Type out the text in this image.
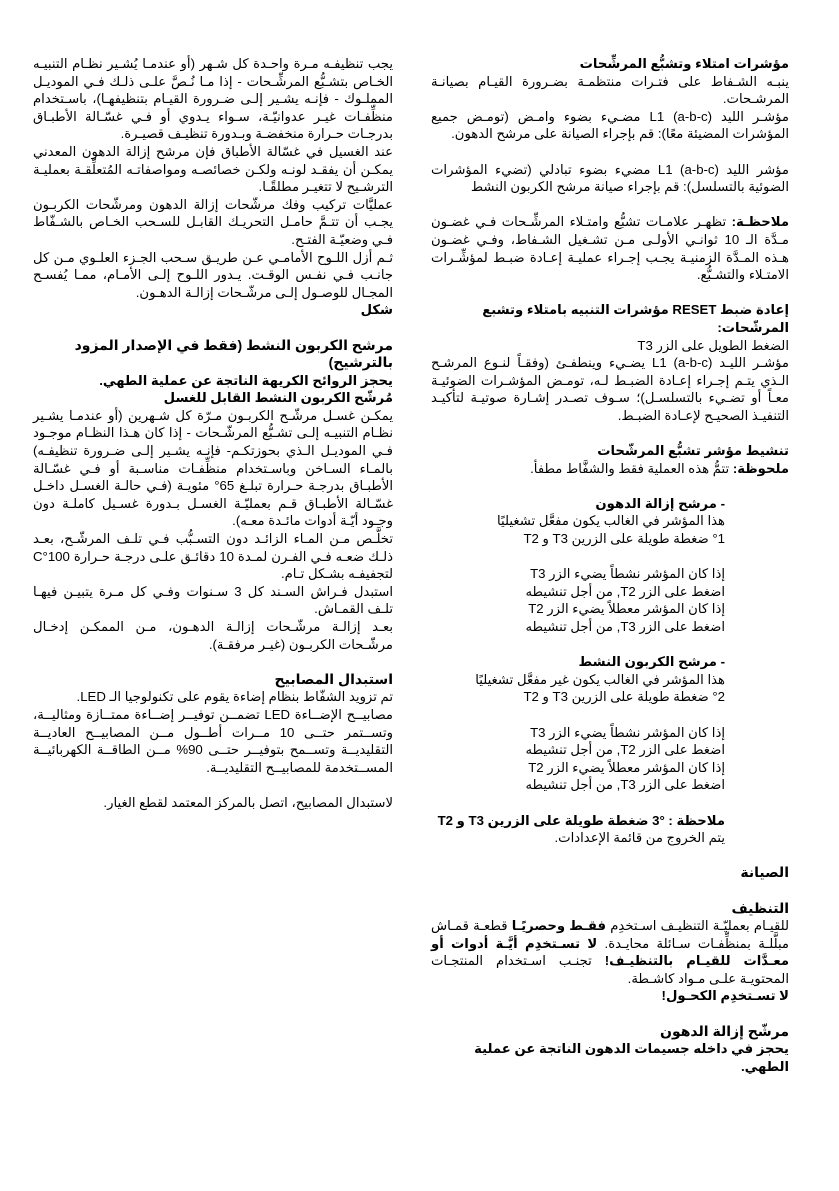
مؤشرات امتلاء وتشبُّع المرشِّحات

ينبـه الشـفاط على فتـرات منتظمـة بضـرورة القيـام بصيانـة المرشـحات.

مؤشـر الليد (a-b-c) L1 مضـيء بضوء وامـض (تومـض جميع المؤشرات المضيئة معًا): قم بإجراء الصيانة على مرشح الدهون.

مؤشر الليد (a-b-c) L1 مضيء بضوء تبادلي (تضيء المؤشرات الضوئية بالتسلسل): قم بإجراء صيانة مرشح الكربون النشط

ملاحظـة: تظهـر علامـات تشبُّع وامتـلاء المرشِّـحات فـي غضـون مـدَّة الـ 10 ثوانـي الأولـى مـن تشـغيل الشـفاط، وفـي غضـون هـذه المـدَّة الزمنيـة يجـب إجـراء عمليـة إعـادة ضبـط لمؤشِّـرات الامتـلاء والتشـبُّع.

إعادة ضبط RESET مؤشرات التنبيه بامتلاء وتشبع المرشّحات:

الضغط الطويل على الزر T3

مؤشـر الليـد (a-b-c) L1 يضـيء وينطفـئ (وفقـاً لنـوع المرشـح الـذي يتـم إجـراء إعـادة الضبـط لـه، تومـض المؤشـرات الضوئيـة معـاً أو تضـيء بالتسلسـل)؛ سـوف تصـدر إشـارة صوتيـة لتأكيـد التنفيـذ الصحيـح لإعـادة الضبـط.

تنشيط مؤشر تشبُّع المرشّحات

ملحوظة: تتمُّ هذه العملية فقط والشفَّاط مطفأ.

- مرشح إزالة الدهون

هذا المؤشر في الغالب يكون مفعَّل تشغيليًا

°1 ضغطة طويلة على الزرين T3 و T2

إذا كان المؤشر نشطاً يضيء الزر T3

اضغط على الزر T2, من أجل تنشيطه

إذا كان المؤشر معطلاً يضيء الزر T2

اضغط على الزر T3, من أجل تنشيطه

- مرشح الكربون النشط

هذا المؤشر في الغالب يكون غير مفعَّل تشغيليًا

°2 ضغطة طويلة على الزرين T3 و T2

إذا كان المؤشر نشطاً يضيء الزر T3

اضغط على الزر T2, من أجل تنشيطه

إذا كان المؤشر معطلاً يضيء الزر T2

اضغط على الزر T3, من أجل تنشيطه

ملاحظة : °3 ضغطة طويلة على الزرين T3 و T2

يتم الخروج من قائمة الإعدادات.

الصيانة

التنظيف

للقيـام بعمليّـة التنظيـف اسـتخدِم فقـط وحصريًـا قطعـة قمـاش مبلَّلـة بمنظِّفـات سـائلة محايـدة. لا تسـتخدِم أيَّـة أدوات أو معـدَّات للقيـام بالتنظيـف! تجنـب اسـتخدام المنتجـات المحتويـة علـى مـواد كاشـطة.

لا تسـتخدِم الكحـول!

مرشّح إزالة الدهون

يحجز في داخله جسيمات الدهون الناتجة عن عملية الطهي.

يجب تنظيفـه مـرة واحـدة كل شـهر (أو عندمـا يُشـير نظـام التنبيـه الخـاص بتشـبُّع المرشِّـحات - إذا مـا نُـصَّ علـى ذلـك فـي الموديـل المملـوك - فإنـه يشـير إلـى ضـرورة القيـام بتنظيفهـا)، باسـتخدام منظِّفـات غيـر عدوانيّـة، سـواء يـدوي أو فـي غسّـالة الأطبـاق بدرجـات حـرارة منخفضـة وبـدورة تنظيـف قصيـرة.

عند الغسيل في غسّالة الأطباق فإن مرشح إزالة الدهون المعدني يمكـن أن يفقـد لونـه ولكـن خصائصـه ومواصفاتـه المُتعلِّقـة بعمليـة الترشـيح لا تتغيـر مطلقًـا.

عمليَّات تركيب وفك مرشّحات إزالة الدهون ومرشّحات الكربـون يجـب أن تتـمَّ حامـل التحريـك القابـل للسـحب الخـاص بالشـفّاط فـي وضعيّـة الفتـح.

ثـم أزل اللـوح الأمامـي عـن طريـق سـحب الجـزء العلـوي مـن كل جانـب فـي نفـس الوقـت. يـدور اللـوح إلـى الأمـام، ممـا يُفسـح المجـال للوصـول إلـى مرشّـحات إزالـة الدهـون.

شكل

مرشح الكربون النشط (فقط في الإصدار المزود بالترشيح)

يحجز الروائح الكريهة الناتجة عن عملية الطهي.

مُرشّح الكربون النشط القابل للغسل

يمكـن غسـل مرشّـح الكربـون مـرّة كل شـهرين (أو عندمـا يشـير نظـام التنبيـه إلـى تشـبُّع المرشّـحات - إذا كان هـذا النظـام موجـود فـي الموديـل الـذي بحوزتكـم- فإنـه يشـير إلـى ضـرورة تنظيفـه) بالمـاء السـاخن وباسـتخدام منظِّفـات مناسـبة أو فـي غسّـالة الأطبـاق بدرجـة حـرارة تبلـغ 65° مئويـة (فـي حالـة الغسـل داخـل غسّـالة الأطبـاق قـم بعمليّـة الغسـل بـدورة غسـيل كاملـة دون وجـود أيّـة أدوات مائـدة معـه).

تخلَّـص مـن المـاء الزائـد دون التسـبُّب فـي تلـف المرشّـح، بعـد ذلـك ضعـه فـي الفـرن لمـدة 10 دقائـق علـى درجـة حـرارة 100°C لتجفيفـه بشـكل تـام.

استبدل فـراش السـند كل 3 سـنوات وفـي كل مـرة يتبيـن فيهـا تلـف القمـاش.

بعـد إزالـة مرشّـحات إزالـة الدهـون، مـن الممكـن إدخـال مرشّـحات الكربـون (غيـر مرفقـة).

استبدال المصابيح

تم تزويد الشفّاط بنظام إضاءة يقوم على تكنولوجيا الـ LED.

مصابيــح الإضــاءة LED تضمــن توفيــر إضــاءة ممتــازة ومثاليــة، وتســتمر حتــى 10 مــرات أطــول مــن المصابيــح العاديــة التقليديــة وتســمح بتوفيــر حتــى 90% مــن الطاقــة الكهربائيــة المســتخدمة للمصابيــح التقليديــة.

لاستبدال المصابيح، اتصل بالمركز المعتمد لقطع الغيار.
